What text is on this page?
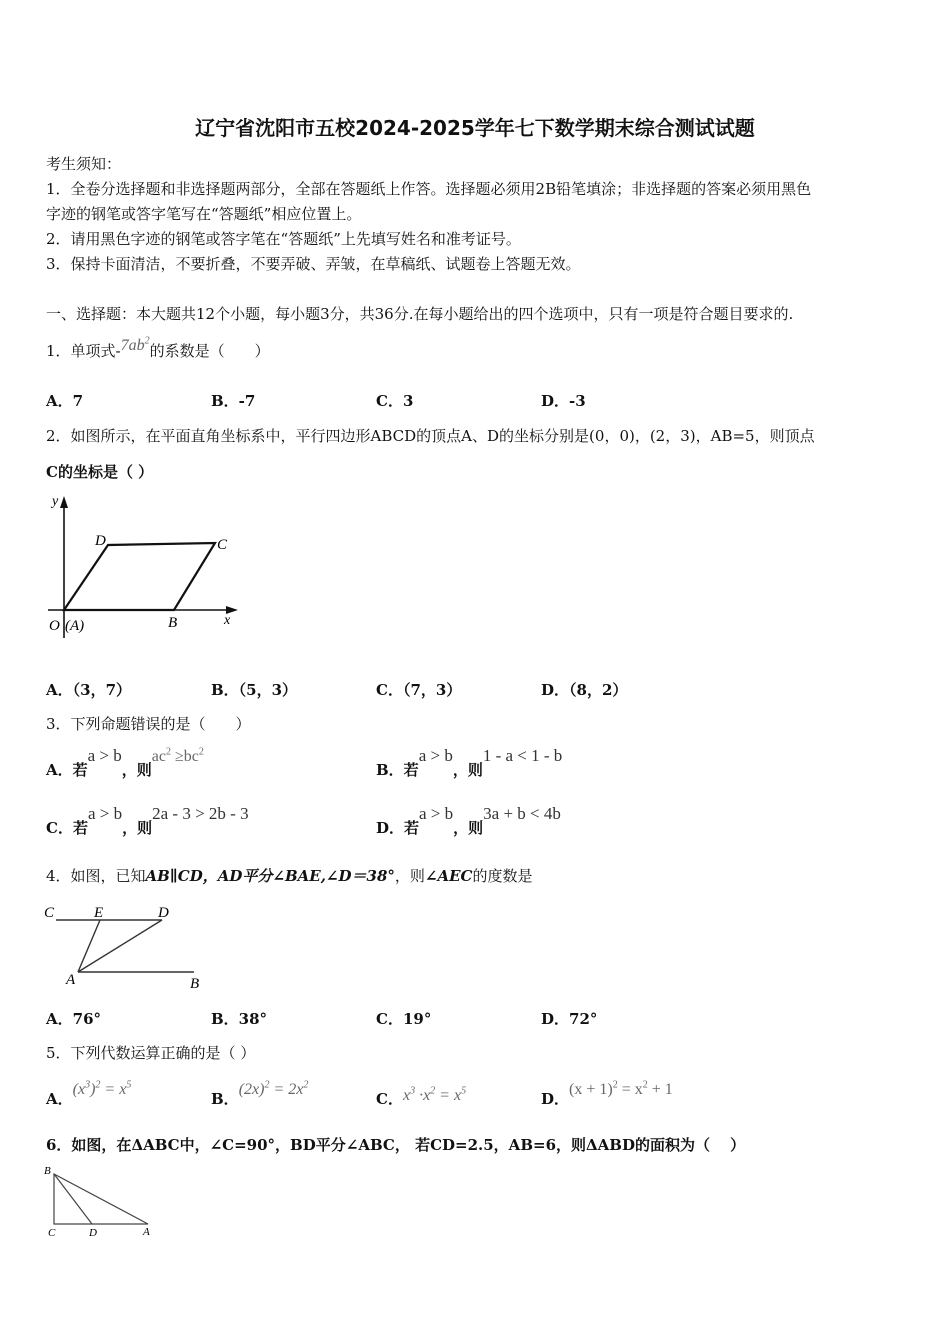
辽宁省沈阳市五校2024-2025学年七下数学期末综合测试试题
考生须知：
1．全卷分选择题和非选择题两部分，全部在答题纸上作答。选择题必须用2B铅笔填涂；非选择题的答案必须用黑色
字迹的钢笔或答字笔写在“答题纸”相应位置上。
2．请用黑色字迹的钢笔或答字笔在“答题纸”上先填写姓名和准考证号。
3．保持卡面清洁，不要折叠，不要弄破、弄皱，在草稿纸、试题卷上答题无效。
一、选择题：本大题共12个小题，每小题3分，共36分.在每小题给出的四个选项中，只有一项是符合题目要求的.
1．单项式$-7ab^2$的系数是（　　）
A．7	B．-7	C．3	D．-3
2．如图所示，在平面直角坐标系中，平行四边形ABCD的顶点A、D的坐标分别是(0，0)，(2，3)，AB=5，则顶点
C的坐标是（ ）
y
x
D	C
B
O (A)
A．（3，7）	B．（5，3）	C．（7，3）	D．（8，2）
3．下列命题错误的是（　　）
A．若a > b，则$ac^2 \ge bc^2$
B．若a > b，则1 - a < 1 - b
C．若a > b，则2a - 3 > 2b - 3
D．若a > b，则3a + b < 4b
4．如图，已知AB∥CD，AD平分∠BAE,∠D＝38°，则∠AEC的度数是
C	E	D
A	B
A．76°	B．38°	C．19°	D．72°
5．下列代数运算正确的是（ ）
A．$(x^3)^2 = x^5$
B．$(2x)^2 = 2x^2$
C．$x^3 \cdot x^2 = x^5$	D．$(x + 1)^2 = x^2 + 1$
6．如图，在ΔABC中，∠C=90°，BD平分∠ABC， 若CD=2.5，AB=6，则ΔABD的面积为（　 ）
B
C	D	A
